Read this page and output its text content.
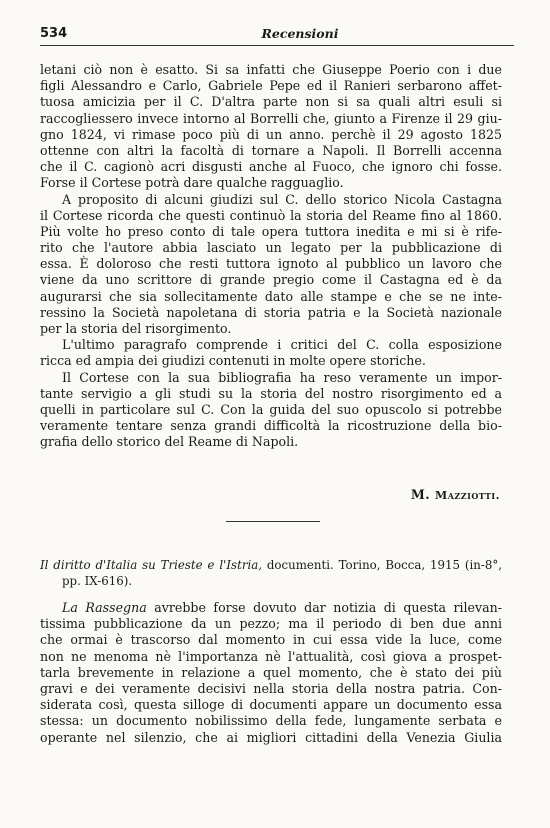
534	Recensioni
letani ciò non è esatto. Si sa infatti che Giuseppe Poerio con i due
figli Alessandro e Carlo, Gabriele Pepe ed il Ranieri serbarono affet-
tuosa amicizia per il C. D'altra parte non si sa quali altri esuli si
raccogliessero invece intorno al Borrelli che, giunto a Firenze il 29 giu-
gno 1824, vi rimase poco più di un anno. perchè il 29 agosto 1825
ottenne con altri la facoltà di tornare a Napoli. Il Borrelli accenna
che il C. cagionò acri disgusti anche al Fuoco, che ignoro chi fosse.
Forse il Cortese potrà dare qualche ragguaglio.
A proposito di alcuni giudizi sul C. dello storico Nicola Castagna
il Cortese ricorda che questi continuò la storia del Reame fino al 1860.
Più volte ho preso conto di tale opera tuttora inedita e mi si è rife-
rito che l'autore abbia lasciato un legato per la pubblicazione di
essa. È doloroso che resti tuttora ignoto al pubblico un lavoro che
viene da uno scrittore di grande pregio come il Castagna ed è da
augurarsi che sia sollecitamente dato alle stampe e che se ne inte-
ressino la Società napoletana di storia patria e la Società nazionale
per la storia del risorgimento.
L'ultimo paragrafo comprende i critici del C. colla esposizione
ricca ed ampia dei giudizi contenuti in molte opere storiche.
Il Cortese con la sua bibliografia ha reso veramente un impor-
tante servigio a gli studi su la storia del nostro risorgimento ed a
quelli in particolare sul C. Con la guida del suo opuscolo si potrebbe
veramente tentare senza grandi difficoltà la ricostruzione della bio-
grafia dello storico del Reame di Napoli.
M. Mazziotti.
Il diritto d'Italia su Trieste e l'Istria, documenti. Torino, Bocca, 1915 (in-8°,
pp. IX-616).
La Rassegna avrebbe forse dovuto dar notizia di questa rilevan-
tissima pubblicazione da un pezzo; ma il periodo di ben due anni
che ormai è trascorso dal momento in cui essa vide la luce, come
non ne menoma nè l'importanza nè l'attualità, così giova a prospet-
tarla brevemente in relazione a quel momento, che è stato dei più
gravi e dei veramente decisivi nella storia della nostra patria. Con-
siderata così, questa silloge di documenti appare un documento essa
stessa: un documento nobilissimo della fede, lungamente serbata e
operante nel silenzio, che ai migliori cittadini della Venezia Giulia
